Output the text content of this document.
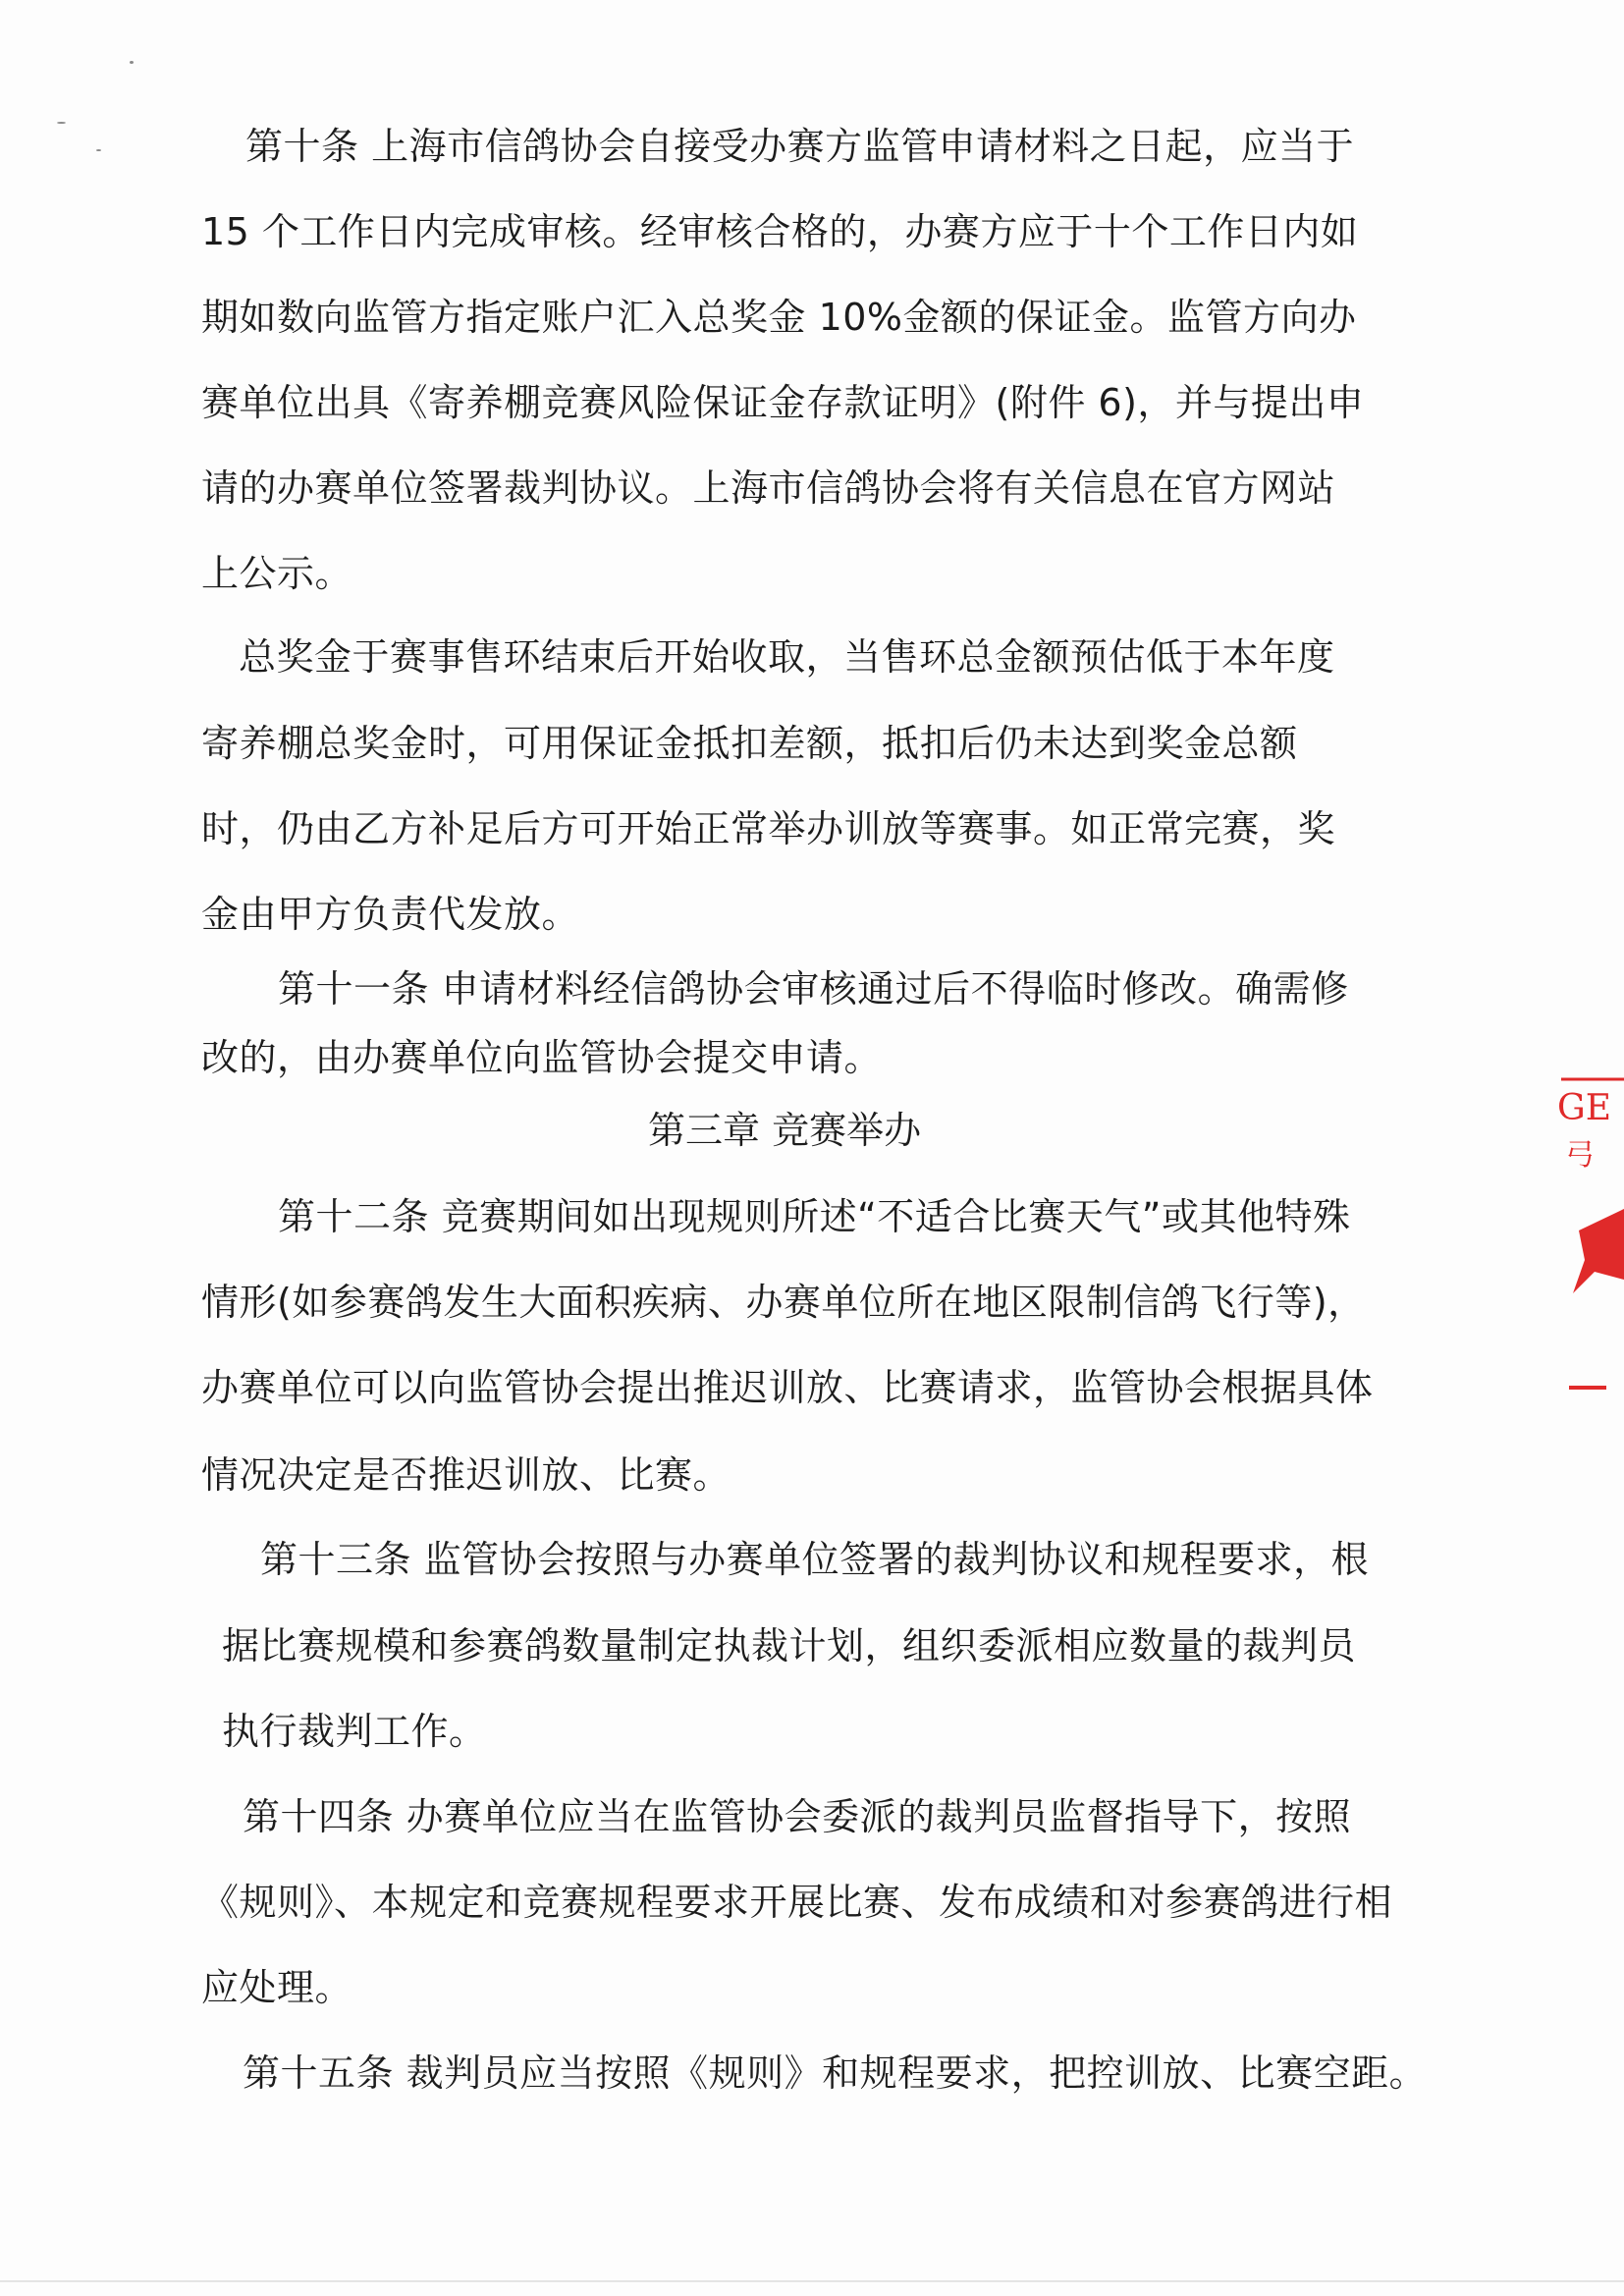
第十条 上海市信鸽协会自接受办赛方监管申请材料之日起，应当于
15 个工作日内完成审核。经审核合格的，办赛方应于十个工作日内如
期如数向监管方指定账户汇入总奖金 10%金额的保证金。监管方向办
赛单位出具《寄养棚竞赛风险保证金存款证明》(附件 6)，并与提出申
请的办赛单位签署裁判协议。上海市信鸽协会将有关信息在官方网站
上公示。
总奖金于赛事售环结束后开始收取，当售环总金额预估低于本年度
寄养棚总奖金时，可用保证金抵扣差额，抵扣后仍未达到奖金总额
时，仍由乙方补足后方可开始正常举办训放等赛事。如正常完赛，奖
金由甲方负责代发放。
第十一条 申请材料经信鸽协会审核通过后不得临时修改。确需修
改的，由办赛单位向监管协会提交申请。
第三章 竞赛举办
第十二条 竞赛期间如出现规则所述“不适合比赛天气”或其他特殊
情形(如参赛鸽发生大面积疾病、办赛单位所在地区限制信鸽飞行等)，
办赛单位可以向监管协会提出推迟训放、比赛请求，监管协会根据具体
情况决定是否推迟训放、比赛。
第十三条 监管协会按照与办赛单位签署的裁判协议和规程要求，根
据比赛规模和参赛鸽数量制定执裁计划，组织委派相应数量的裁判员
执行裁判工作。
第十四条 办赛单位应当在监管协会委派的裁判员监督指导下，按照
《规则》、本规定和竞赛规程要求开展比赛、发布成绩和对参赛鸽进行相
应处理。
第十五条 裁判员应当按照《规则》和规程要求，把控训放、比赛空距。
GE
弓
